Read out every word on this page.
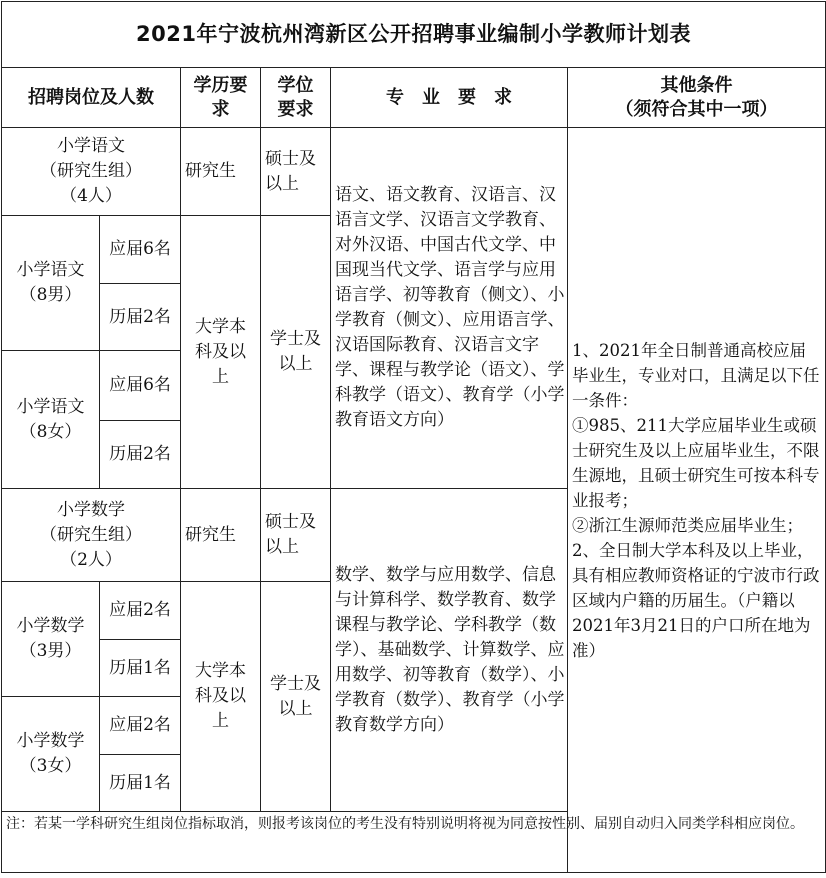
2021年宁波杭州湾新区公开招聘事业编制小学教师计划表					
招聘岗位及人数		学历要
求	学位
要求	专　业　要　求	其他条件
（须符合其中一项）
小学语文
（研究生组）
（4人）		研究生	硕士及
以上	语文、语文教育、汉语言、汉语言文学、汉语言文学教育、对外汉语、中国古代文学、中国现当代文学、语言学与应用语言学、初等教育（侧文）、小学教育（侧文）、应用语言学、汉语国际教育、汉语言文字学、课程与教学论（语文）、学科教学（语文）、教育学（小学教育语文方向）	1、2021年全日制普通高校应届毕业生，专业对口，且满足以下任一条件：
①985、211大学应届毕业生或硕士研究生及以上应届毕业生，不限生源地，且硕士研究生可按本科专业报考；
②浙江生源师范类应届毕业生；
2、全日制大学本科及以上毕业，具有相应教师资格证的宁波市行政区域内户籍的历届生。（户籍以2021年3月21日的户口所在地为准）
小学语文
（8男）	应届6名	大学本
科及以
上	学士及
以上		
	历届2名				
小学语文
（8女）	应届6名				
	历届2名				
小学数学
（研究生组）
（2人）		研究生	硕士及
以上	数学、数学与应用数学、信息与计算科学、数学教育、数学课程与教学论、学科教学（数学）、基础数学、计算数学、应用数学、初等教育（数学）、小学教育（数学）、教育学（小学教育数学方向）	
小学数学
（3男）	应届2名	大学本
科及以
上	学士及
以上		
	历届1名				
小学数学
（3女）	应届2名				
	历届1名				
注：若某一学科研究生组岗位指标取消，则报考该岗位的考生没有特别说明将视为同意按性别、届别自动归入同类学科相应岗位。					
